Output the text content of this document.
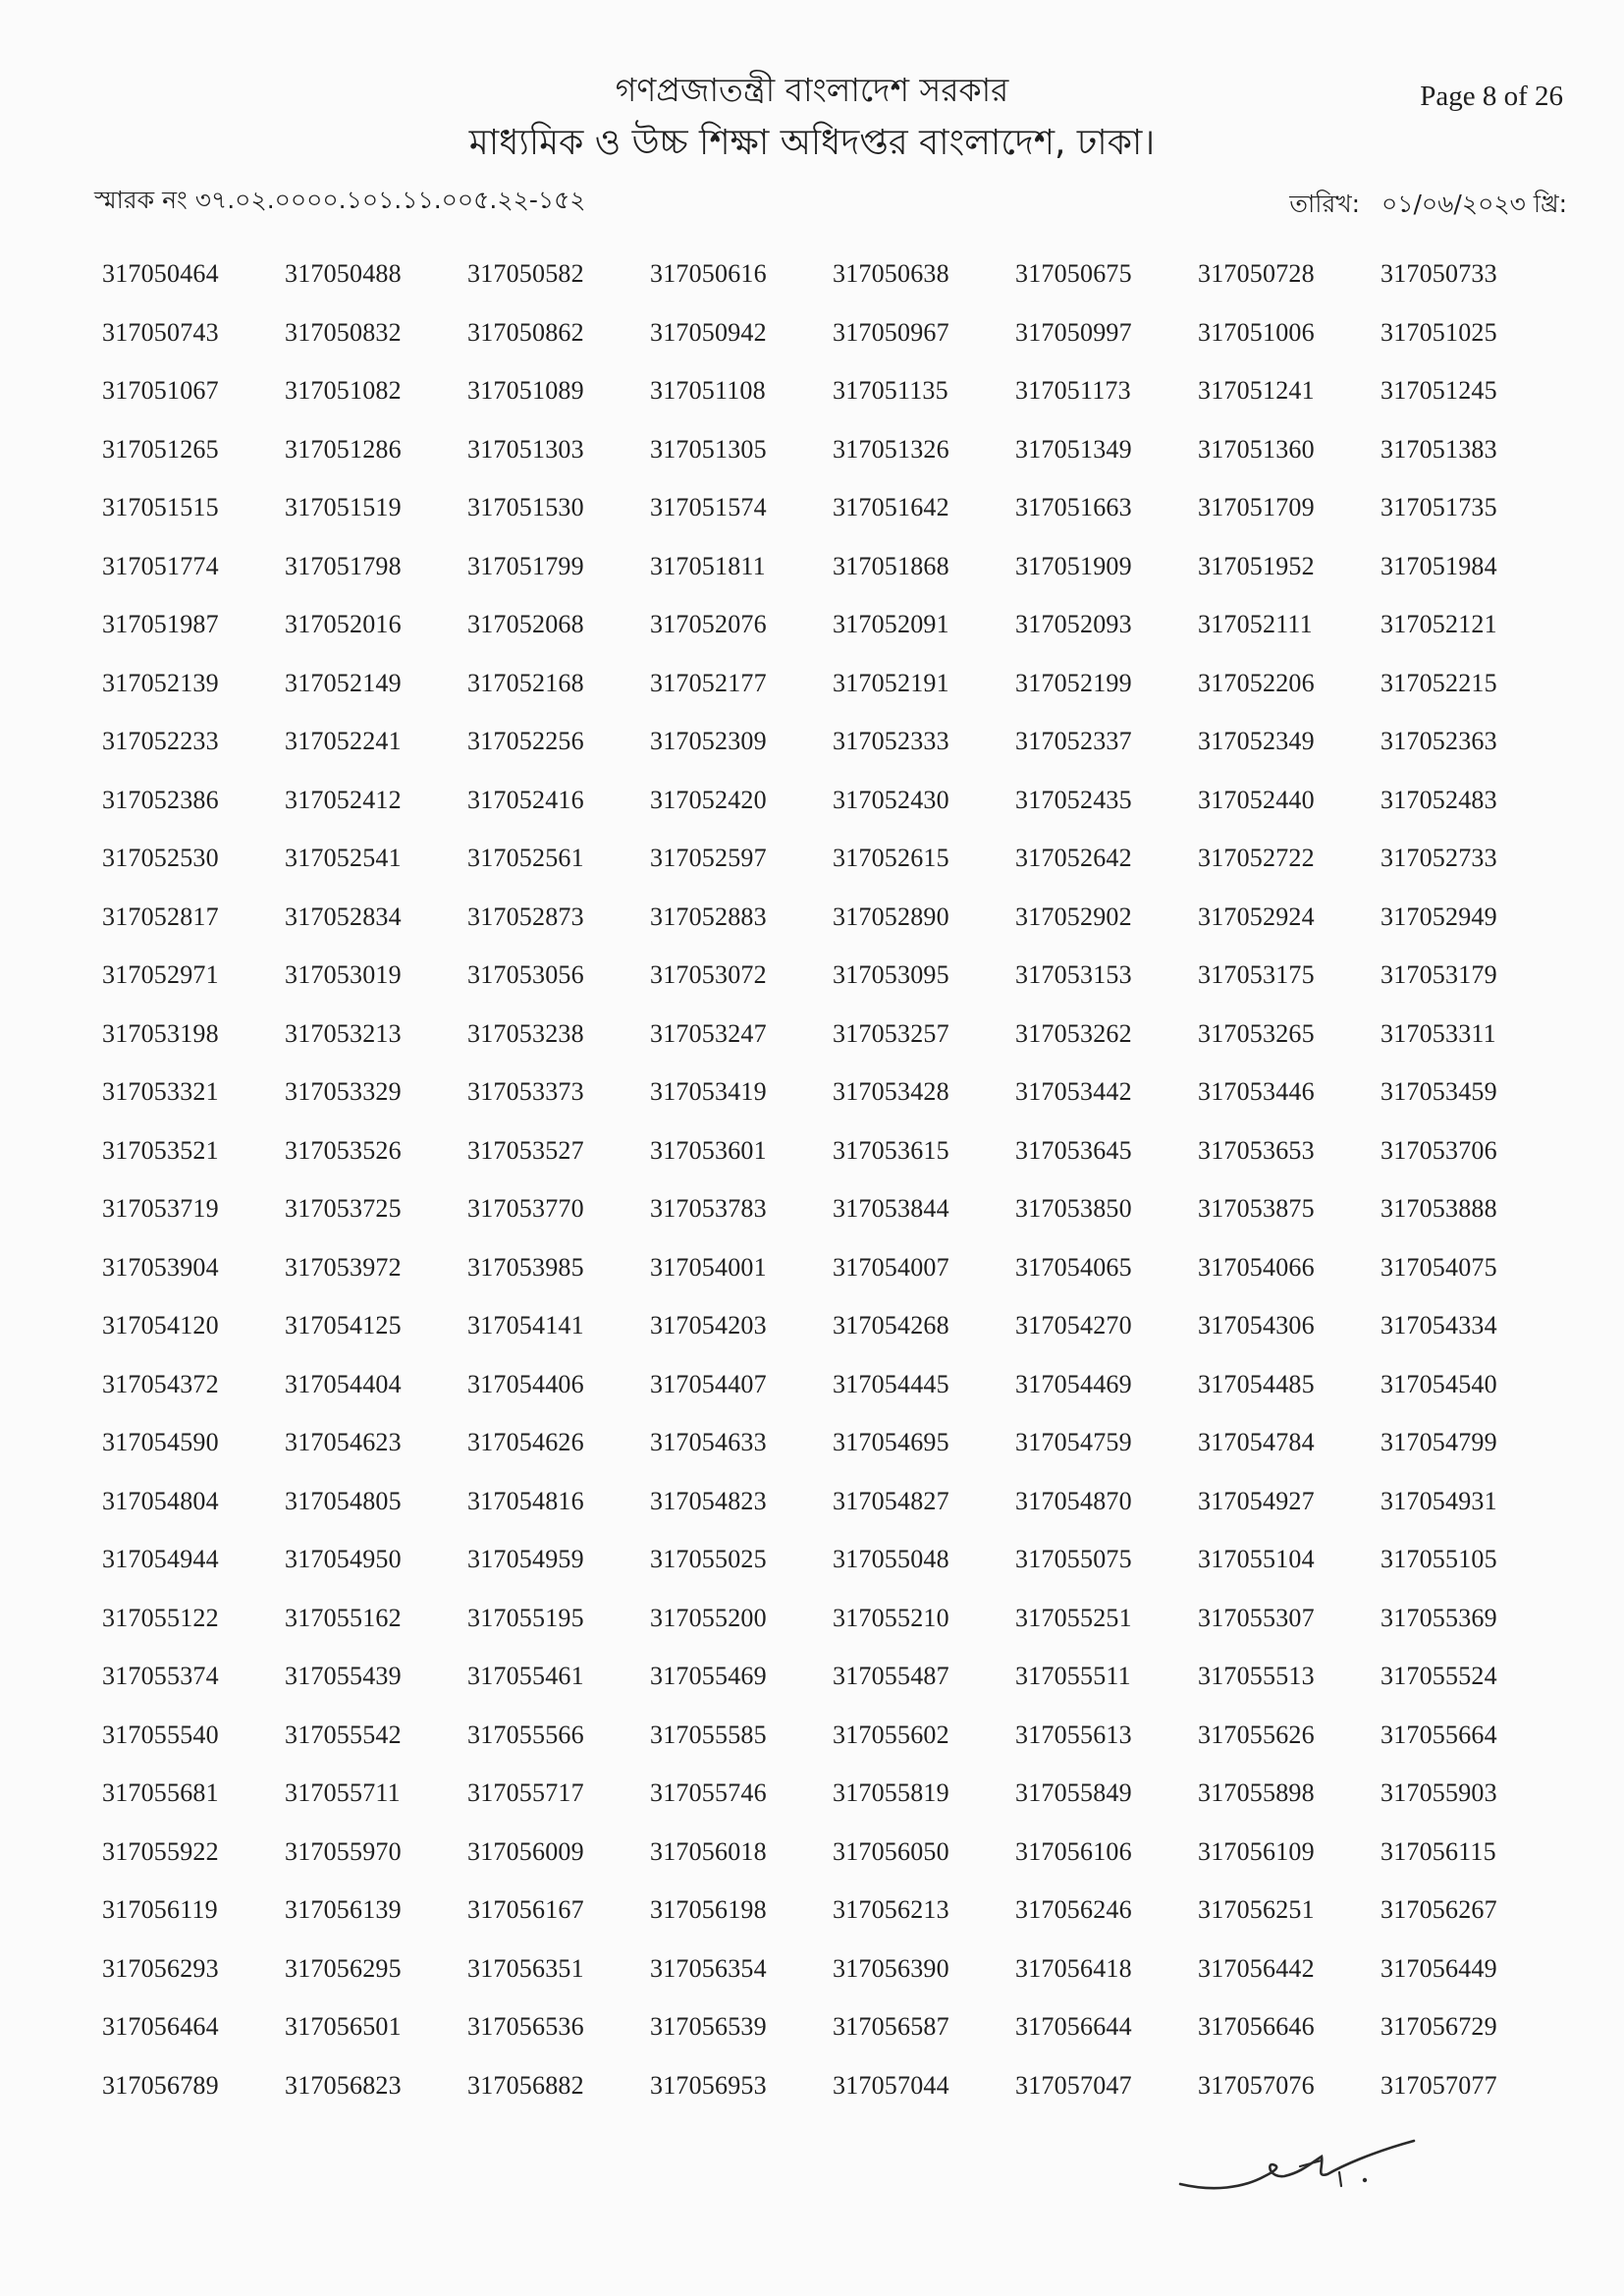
গণপ্রজাতন্ত্রী বাংলাদেশ সরকার
মাধ্যমিক ও উচ্চ শিক্ষা অধিদপ্তর বাংলাদেশ, ঢাকা।
Page 8 of 26
স্মারক নং ৩৭.০২.০০০০.১০১.১১.০০৫.২২-১৫২	তারিখ: ০১/০৬/২০২৩ খ্রি:
317050464	317050488	317050582	317050616	317050638	317050675	317050728	317050733
317050743	317050832	317050862	317050942	317050967	317050997	317051006	317051025
317051067	317051082	317051089	317051108	317051135	317051173	317051241	317051245
317051265	317051286	317051303	317051305	317051326	317051349	317051360	317051383
317051515	317051519	317051530	317051574	317051642	317051663	317051709	317051735
317051774	317051798	317051799	317051811	317051868	317051909	317051952	317051984
317051987	317052016	317052068	317052076	317052091	317052093	317052111	317052121
317052139	317052149	317052168	317052177	317052191	317052199	317052206	317052215
317052233	317052241	317052256	317052309	317052333	317052337	317052349	317052363
317052386	317052412	317052416	317052420	317052430	317052435	317052440	317052483
317052530	317052541	317052561	317052597	317052615	317052642	317052722	317052733
317052817	317052834	317052873	317052883	317052890	317052902	317052924	317052949
317052971	317053019	317053056	317053072	317053095	317053153	317053175	317053179
317053198	317053213	317053238	317053247	317053257	317053262	317053265	317053311
317053321	317053329	317053373	317053419	317053428	317053442	317053446	317053459
317053521	317053526	317053527	317053601	317053615	317053645	317053653	317053706
317053719	317053725	317053770	317053783	317053844	317053850	317053875	317053888
317053904	317053972	317053985	317054001	317054007	317054065	317054066	317054075
317054120	317054125	317054141	317054203	317054268	317054270	317054306	317054334
317054372	317054404	317054406	317054407	317054445	317054469	317054485	317054540
317054590	317054623	317054626	317054633	317054695	317054759	317054784	317054799
317054804	317054805	317054816	317054823	317054827	317054870	317054927	317054931
317054944	317054950	317054959	317055025	317055048	317055075	317055104	317055105
317055122	317055162	317055195	317055200	317055210	317055251	317055307	317055369
317055374	317055439	317055461	317055469	317055487	317055511	317055513	317055524
317055540	317055542	317055566	317055585	317055602	317055613	317055626	317055664
317055681	317055711	317055717	317055746	317055819	317055849	317055898	317055903
317055922	317055970	317056009	317056018	317056050	317056106	317056109	317056115
317056119	317056139	317056167	317056198	317056213	317056246	317056251	317056267
317056293	317056295	317056351	317056354	317056390	317056418	317056442	317056449
317056464	317056501	317056536	317056539	317056587	317056644	317056646	317056729
317056789	317056823	317056882	317056953	317057044	317057047	317057076	317057077
